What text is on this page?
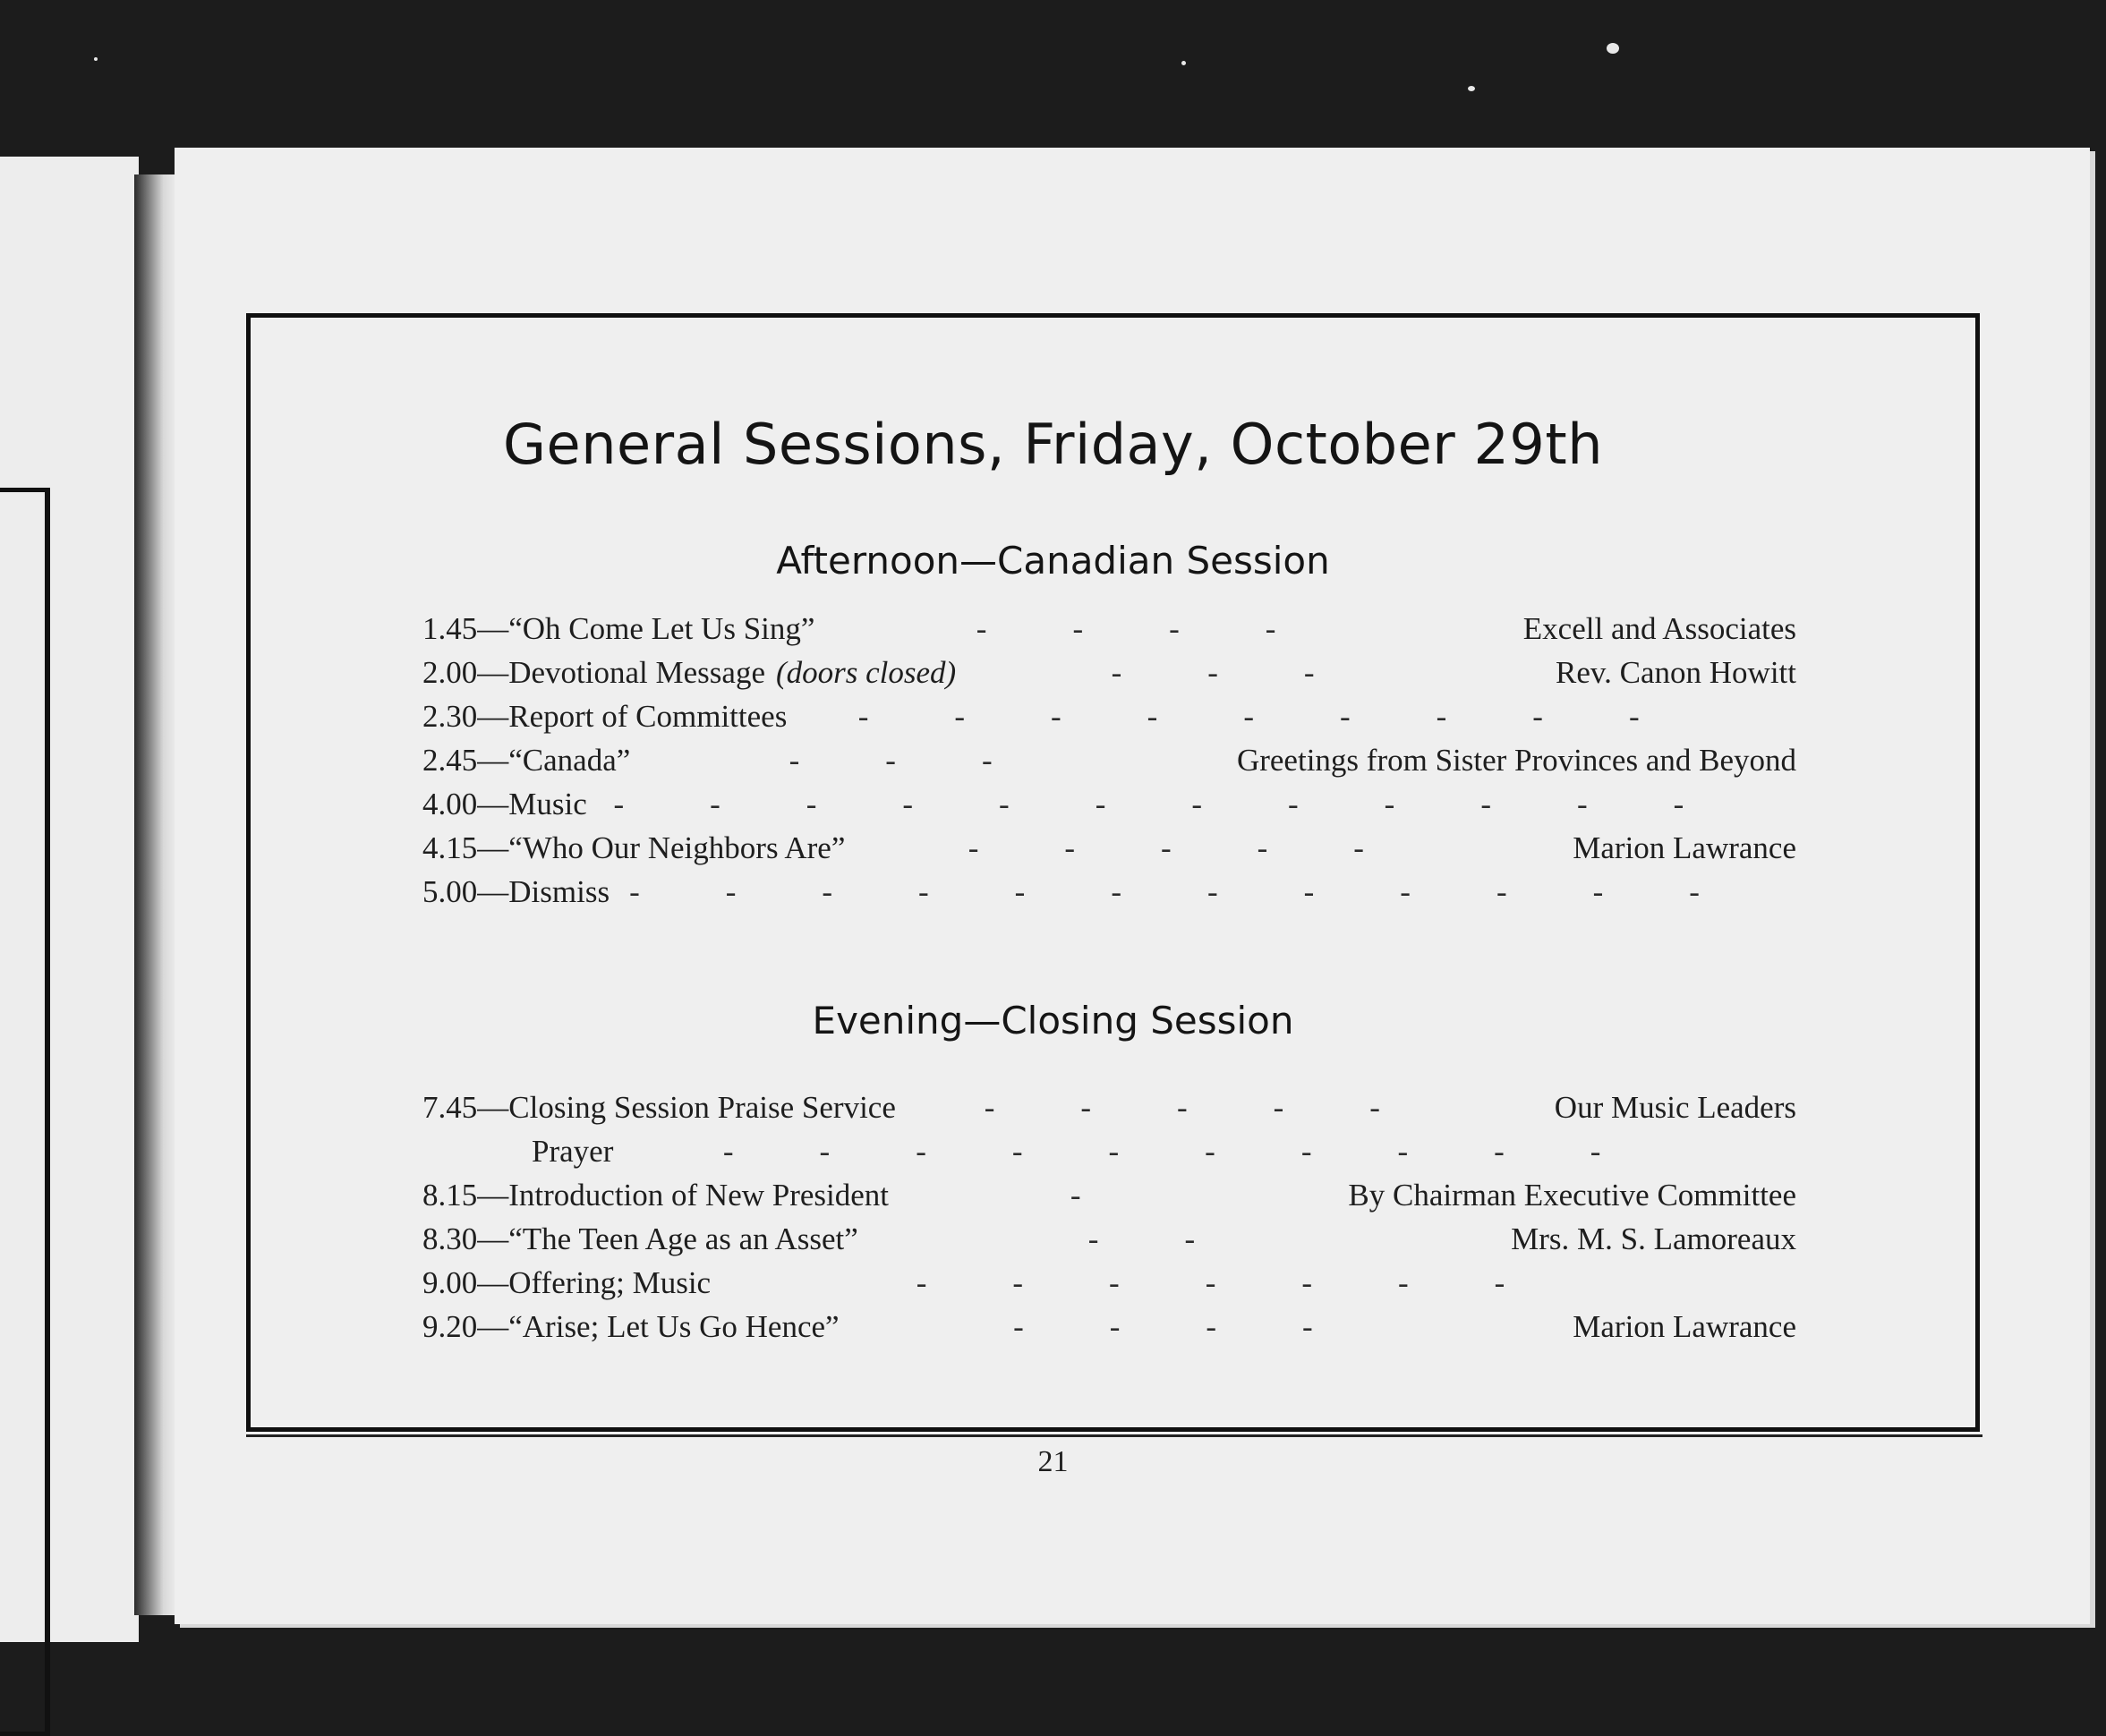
General Sessions, Friday, October 29th
Afternoon—Canadian Session
1.45— “Oh Come Let Us Sing”	----	Excell and Associates
2.00— Devotional Message (doors closed)	---	Rev. Canon Howitt
2.30— Report of Committees	---------
2.45— “Canada”	---	Greetings from Sister Provinces and Beyond
4.00— Music ------------
4.15— “Who Our Neighbors Are”	-----	Marion Lawrance
5.00— Dismiss ------------
Evening—Closing Session
7.45— Closing Session Praise Service	-----	Our Music Leaders
Prayer	----------
8.15— Introduction of New President	-	By Chairman Executive Committee
8.30— “The Teen Age as an Asset”	--	Mrs. M. S. Lamoreaux
9.00— Offering; Music	-------
9.20— “Arise; Let Us Go Hence”	----	Marion Lawrance
21
